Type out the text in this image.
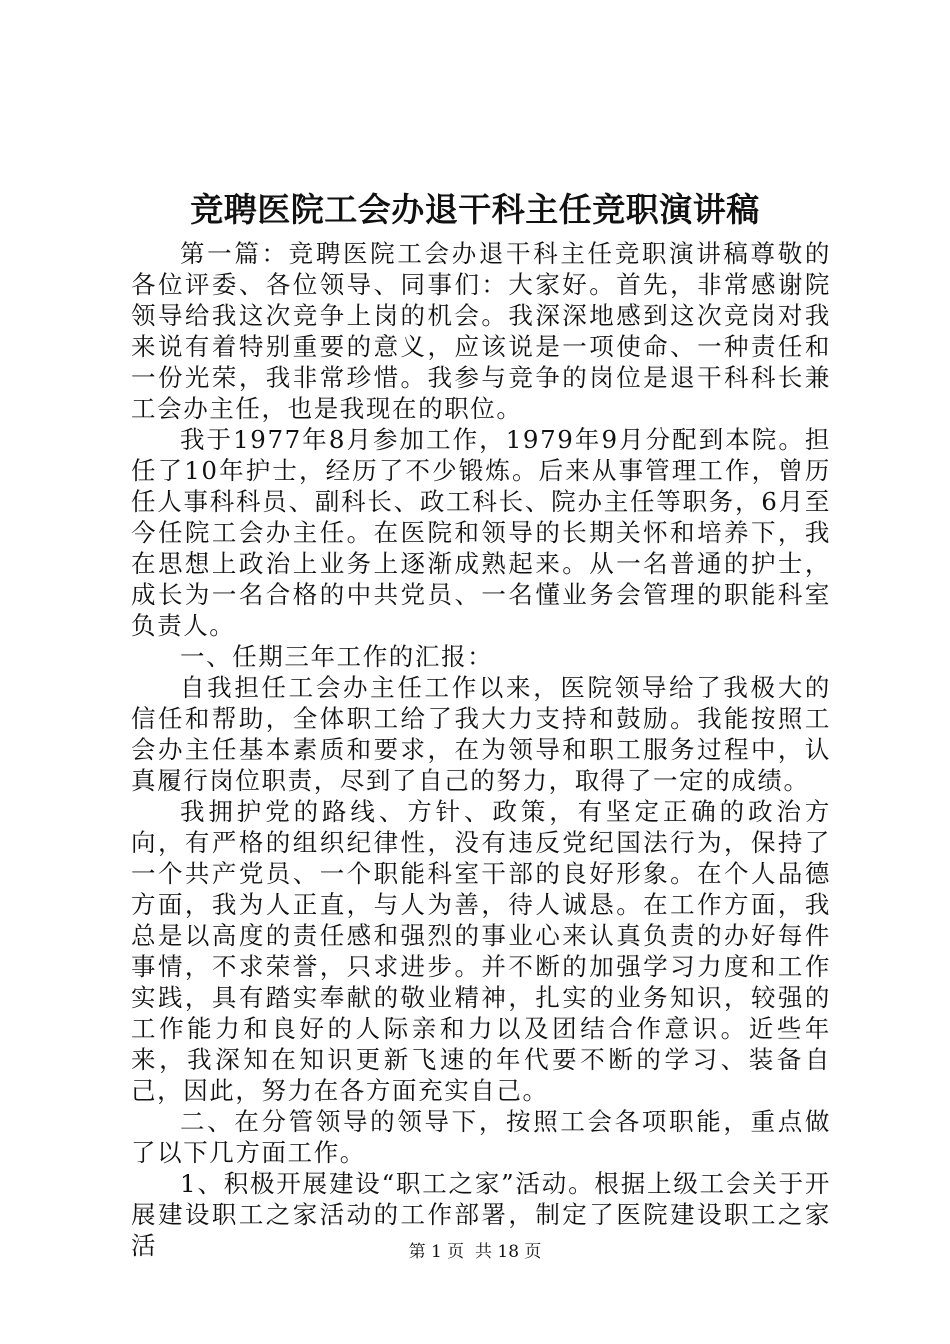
竞聘医院工会办退干科主任竞职演讲稿

第一篇：竞聘医院工会办退干科主任竞职演讲稿尊敬的各位评委、各位领导、同事们：大家好。首先，非常感谢院领导给我这次竞争上岗的机会。我深深地感到这次竞岗对我来说有着特别重要的意义，应该说是一项使命、一种责任和一份光荣，我非常珍惜。我参与竞争的岗位是退干科科长兼工会办主任，也是我现在的职位。

我于1977年8月参加工作，1979年9月分配到本院。担任了10年护士，经历了不少锻炼。后来从事管理工作，曾历任人事科科员、副科长、政工科长、院办主任等职务，6月至今任院工会办主任。在医院和领导的长期关怀和培养下，我在思想上政治上业务上逐渐成熟起来。从一名普通的护士，成长为一名合格的中共党员、一名懂业务会管理的职能科室负责人。

一、任期三年工作的汇报：

自我担任工会办主任工作以来，医院领导给了我极大的信任和帮助，全体职工给了我大力支持和鼓励。我能按照工会办主任基本素质和要求，在为领导和职工服务过程中，认真履行岗位职责，尽到了自己的努力，取得了一定的成绩。

我拥护党的路线、方针、政策，有坚定正确的政治方向，有严格的组织纪律性，没有违反党纪国法行为，保持了一个共产党员、一个职能科室干部的良好形象。在个人品德方面，我为人正直，与人为善，待人诚恳。在工作方面，我总是以高度的责任感和强烈的事业心来认真负责的办好每件事情，不求荣誉，只求进步。并不断的加强学习力度和工作实践，具有踏实奉献的敬业精神，扎实的业务知识，较强的工作能力和良好的人际亲和力以及团结合作意识。近些年来，我深知在知识更新飞速的年代要不断的学习、装备自己，因此，努力在各方面充实自己。

二、在分管领导的领导下，按照工会各项职能，重点做了以下几方面工作。

1、积极开展建设“职工之家”活动。根据上级工会关于开展建设职工之家活动的工作部署，制定了医院建设职工之家活	第 1 页  共 18 页
